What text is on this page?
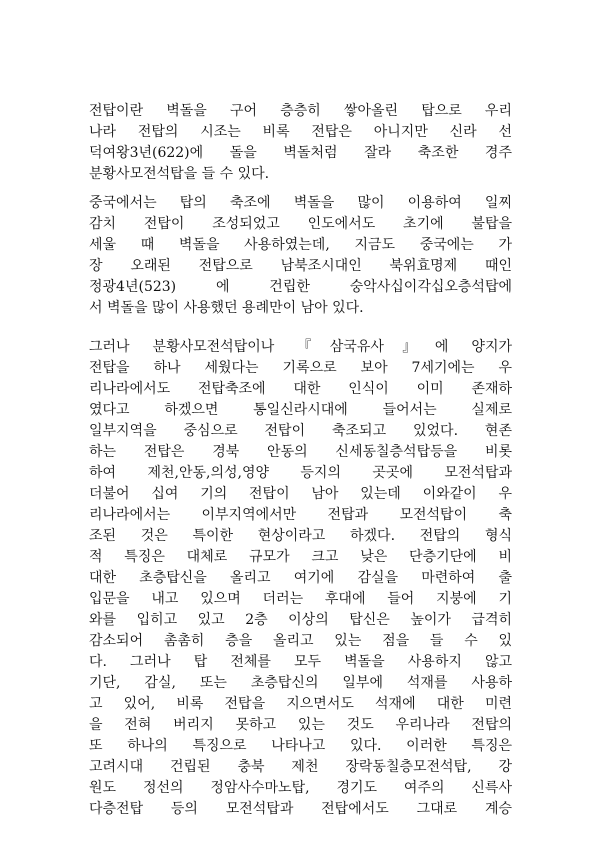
전탑이란 벽돌을 구어 층층히 쌓아올린 탑으로 우리
나라 전탑의 시조는 비록 전탑은 아니지만 신라 선
덕여왕3년(622)에 돌을 벽돌처럼 잘라 축조한 경주
분황사모전석탑을 들 수 있다.
중국에서는 탑의 축조에 벽돌을 많이 이용하여 일찌
감치 전탑이 조성되었고 인도에서도 초기에 불탑을
세울 때 벽돌을 사용하였는데, 지금도 중국에는 가
장 오래된 전탑으로 남북조시대인 북위효명제 때인
정광4년(523) 에 건립한 숭악사십이각십오층석탑에
서 벽돌을 많이 사용했던 용례만이 남아 있다.
그러나 분황사모전석탑이나 『삼국유사』에 양지가
전탑을 하나 세웠다는 기록으로 보아 7세기에는 우
리나라에서도 전탑축조에 대한 인식이 이미 존재하
였다고 하겠으면 통일신라시대에 들어서는 실제로
일부지역을 중심으로 전탑이 축조되고 있었다. 현존
하는 전탑은 경북 안동의 신세동칠층석탑등을 비롯
하여 제천,안동,의성,영양 등지의 곳곳에 모전석탑과
더불어 십여 기의 전탑이 남아 있는데 이와같이 우
리나라에서는 이부지역에서만 전탑과 모전석탑이 축
조된 것은 특이한 현상이라고 하겠다. 전탑의 형식
적 특징은 대체로 규모가 크고 낮은 단층기단에 비
대한 초층탑신을 올리고 여기에 감실을 마련하여 출
입문을 내고 있으며 더러는 후대에 들어 지붕에 기
와를 입히고 있고 2층 이상의 탑신은 높이가 급격히
감소되어 촘촘히 층을 올리고 있는 점을 들 수 있
다. 그러나 탑 전체를 모두 벽돌을 사용하지 않고
기단, 감실, 또는 초층탑신의 일부에 석재를 사용하
고 있어, 비록 전탑을 지으면서도 석재에 대한 미련
을 전혀 버리지 못하고 있는 것도 우리나라 전탑의
또 하나의 특징으로 나타나고 있다. 이러한 특징은
고려시대 건립된 충북 제천 장락동칠층모전석탑, 강
원도 정선의 정암사수마노탑, 경기도 여주의 신륵사
다층전탑 등의 모전석탑과 전탑에서도 그대로 계승
